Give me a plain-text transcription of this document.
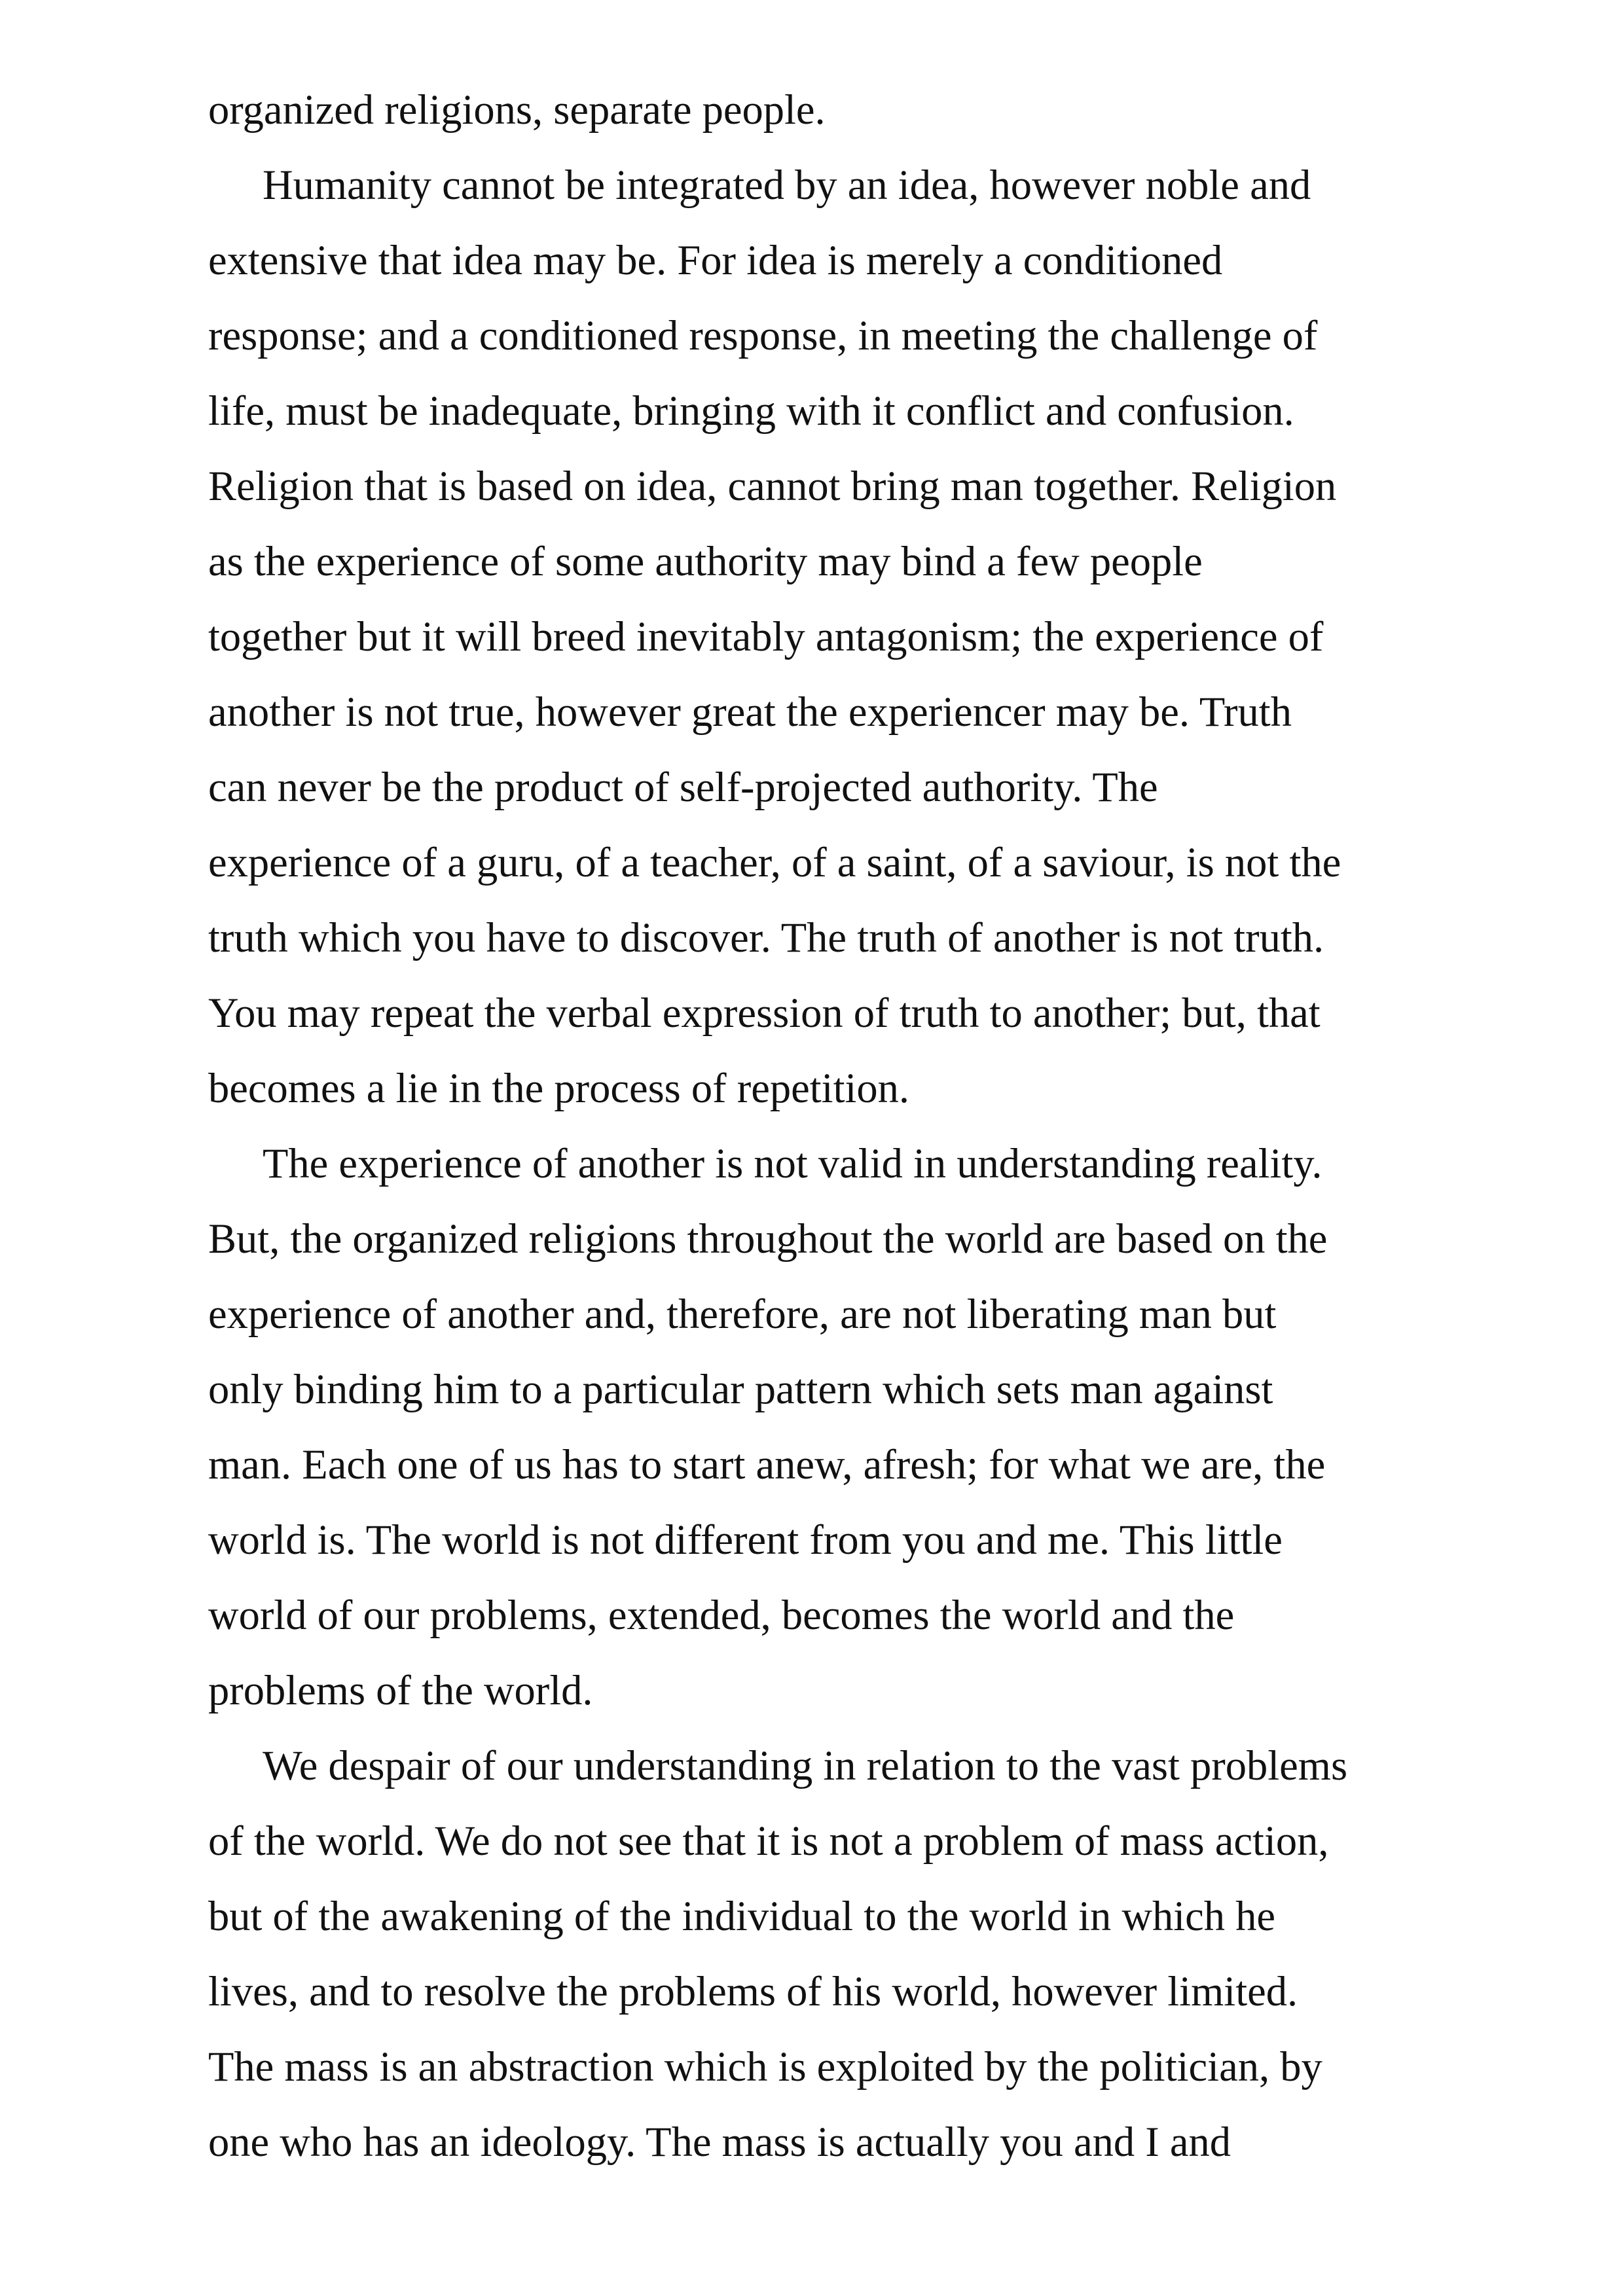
organized religions, separate people.

Humanity cannot be integrated by an idea, however noble and
extensive that idea may be. For idea is merely a conditioned
response; and a conditioned response, in meeting the challenge of
life, must be inadequate, bringing with it conflict and confusion.
Religion that is based on idea, cannot bring man together. Religion
as the experience of some authority may bind a few people
together but it will breed inevitably antagonism; the experience of
another is not true, however great the experiencer may be. Truth
can never be the product of self-projected authority. The
experience of a guru, of a teacher, of a saint, of a saviour, is not the
truth which you have to discover. The truth of another is not truth.
You may repeat the verbal expression of truth to another; but, that
becomes a lie in the process of repetition.

The experience of another is not valid in understanding reality.
But, the organized religions throughout the world are based on the
experience of another and, therefore, are not liberating man but
only binding him to a particular pattern which sets man against
man. Each one of us has to start anew, afresh; for what we are, the
world is. The world is not different from you and me. This little
world of our problems, extended, becomes the world and the
problems of the world.

We despair of our understanding in relation to the vast problems
of the world. We do not see that it is not a problem of mass action,
but of the awakening of the individual to the world in which he
lives, and to resolve the problems of his world, however limited.
The mass is an abstraction which is exploited by the politician, by
one who has an ideology. The mass is actually you and I and
